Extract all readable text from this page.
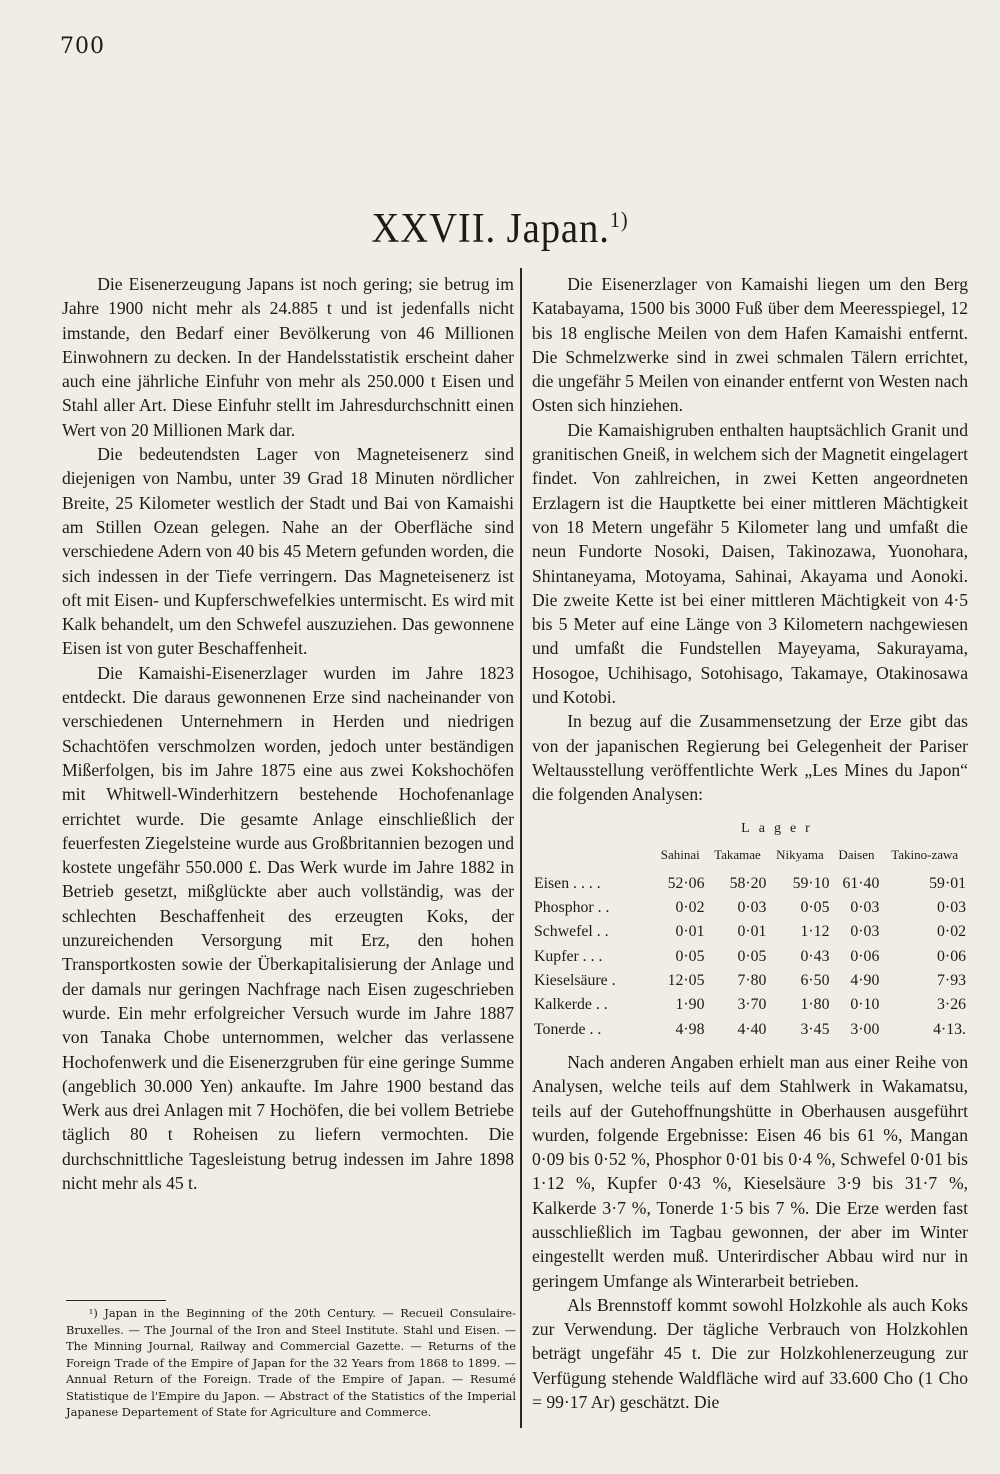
700
XXVII. Japan.$^{1)}$

Die Eisenerzeugung Japans ist noch gering; sie betrug im Jahre 1900 nicht mehr als 24.885 t und ist jedenfalls nicht imstande, den Bedarf einer Bevölkerung von 46 Millionen Einwohnern zu decken. In der Handelsstatistik erscheint daher auch eine jährliche Einfuhr von mehr als 250.000 t Eisen und Stahl aller Art. Diese Einfuhr stellt im Jahresdurchschnitt einen Wert von 20 Millionen Mark dar.

Die bedeutendsten Lager von Magneteisenerz sind diejenigen von Nambu, unter 39 Grad 18 Minuten nördlicher Breite, 25 Kilometer westlich der Stadt und Bai von Kamaishi am Stillen Ozean gelegen. Nahe an der Oberfläche sind verschiedene Adern von 40 bis 45 Metern gefunden worden, die sich indessen in der Tiefe verringern. Das Magneteisenerz ist oft mit Eisen- und Kupferschwefelkies untermischt. Es wird mit Kalk behandelt, um den Schwefel auszuziehen. Das gewonnene Eisen ist von guter Beschaffenheit.

Die Kamaishi-Eisenerzlager wurden im Jahre 1823 entdeckt. Die daraus gewonnenen Erze sind nacheinander von verschiedenen Unternehmern in Herden und niedrigen Schachtöfen verschmolzen worden, jedoch unter beständigen Mißerfolgen, bis im Jahre 1875 eine aus zwei Kokshochöfen mit Whitwell-Winderhitzern bestehende Hochofenanlage errichtet wurde. Die gesamte Anlage einschließlich der feuerfesten Ziegelsteine wurde aus Großbritannien bezogen und kostete ungefähr 550.000 £. Das Werk wurde im Jahre 1882 in Betrieb gesetzt, mißglückte aber auch vollständig, was der schlechten Beschaffenheit des erzeugten Koks, der unzureichenden Versorgung mit Erz, den hohen Transportkosten sowie der Überkapitalisierung der Anlage und der damals nur geringen Nachfrage nach Eisen zugeschrieben wurde. Ein mehr erfolgreicher Versuch wurde im Jahre 1887 von Tanaka Chobe unternommen, welcher das verlassene Hochofenwerk und die Eisenerzgruben für eine geringe Summe (angeblich 30.000 Yen) ankaufte. Im Jahre 1900 bestand das Werk aus drei Anlagen mit 7 Hochöfen, die bei vollem Betriebe täglich 80 t Roheisen zu liefern vermochten. Die durchschnittliche Tagesleistung betrug indessen im Jahre 1898 nicht mehr als 45 t.

¹) Japan in the Beginning of the 20th Century. — Recueil Consulaire-Bruxelles. — The Journal of the Iron and Steel Institute. Stahl und Eisen. — The Minning Journal, Railway and Commercial Gazette. — Returns of the Foreign Trade of the Empire of Japan for the 32 Years from 1868 to 1899. — Annual Return of the Foreign. Trade of the Empire of Japan. — Resumé Statistique de l'Empire du Japon. — Abstract of the Statistics of the Imperial Japanese Departement of State for Agriculture and Commerce.

Die Eisenerzlager von Kamaishi liegen um den Berg Katabayama, 1500 bis 3000 Fuß über dem Meeresspiegel, 12 bis 18 englische Meilen von dem Hafen Kamaishi entfernt. Die Schmelzwerke sind in zwei schmalen Tälern errichtet, die ungefähr 5 Meilen von einander entfernt von Westen nach Osten sich hinziehen.

Die Kamaishigruben enthalten hauptsächlich Granit und granitischen Gneiß, in welchem sich der Magnetit eingelagert findet. Von zahlreichen, in zwei Ketten angeordneten Erzlagern ist die Hauptkette bei einer mittleren Mächtigkeit von 18 Metern ungefähr 5 Kilometer lang und umfaßt die neun Fundorte Nosoki, Daisen, Takinozawa, Yuonohara, Shintaneyama, Motoyama, Sahinai, Akayama und Aonoki. Die zweite Kette ist bei einer mittleren Mächtigkeit von 4·5 bis 5 Meter auf eine Länge von 3 Kilometern nachgewiesen und umfaßt die Fundstellen Mayeyama, Sakurayama, Hosogoe, Uchihisago, Sotohisago, Takamaye, Otakinosawa und Kotobi.

In bezug auf die Zusammensetzung der Erze gibt das von der japanischen Regierung bei Gelegenheit der Pariser Weltausstellung veröffentlichte Werk „Les Mines du Japon“ die folgenden Analysen:

Lager
	Sahinai	Takamae	Nikyama	Daisen	Takino-zawa
Eisen . . . .	52·06	58·20	59·10	61·40	59·01
Phosphor . .	0·02	0·03	0·05	0·03	0·03
Schwefel . .	0·01	0·01	1·12	0·03	0·02
Kupfer . . .	0·05	0·05	0·43	0·06	0·06
Kieselsäure .	12·05	7·80	6·50	4·90	7·93
Kalkerde . .	1·90	3·70	1·80	0·10	3·26
Tonerde . .	4·98	4·40	3·45	3·00	4·13.

Nach anderen Angaben erhielt man aus einer Reihe von Analysen, welche teils auf dem Stahlwerk in Wakamatsu, teils auf der Gutehoffnungshütte in Oberhausen ausgeführt wurden, folgende Ergebnisse: Eisen 46 bis 61 %, Mangan 0·09 bis 0·52 %, Phosphor 0·01 bis 0·4 %, Schwefel 0·01 bis 1·12 %, Kupfer 0·43 %, Kieselsäure 3·9 bis 31·7 %, Kalkerde 3·7 %, Tonerde 1·5 bis 7 %. Die Erze werden fast ausschließlich im Tagbau gewonnen, der aber im Winter eingestellt werden muß. Unterirdischer Abbau wird nur in geringem Umfange als Winterarbeit betrieben.

Als Brennstoff kommt sowohl Holzkohle als auch Koks zur Verwendung. Der tägliche Verbrauch von Holzkohlen beträgt ungefähr 45 t. Die zur Holzkohlenerzeugung zur Verfügung stehende Waldfläche wird auf 33.600 Cho (1 Cho = 99·17 Ar) geschätzt. Die
